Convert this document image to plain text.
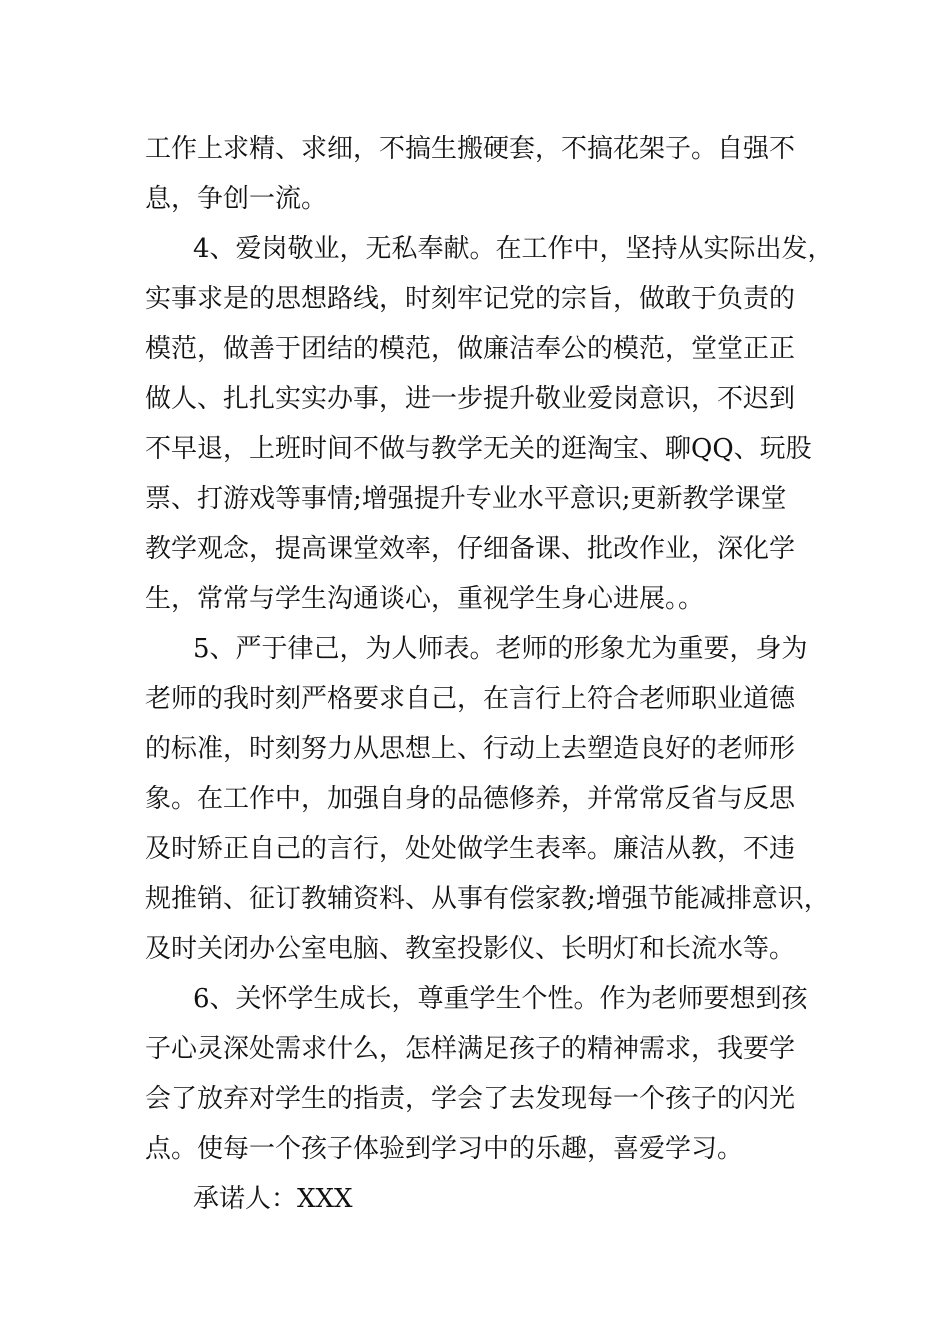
工作上求精、求细，不搞生搬硬套，不搞花架子。自强不
息，争创一流。
4、爱岗敬业，无私奉献。在工作中，坚持从实际出发，
实事求是的思想路线，时刻牢记党的宗旨，做敢于负责的
模范，做善于团结的模范，做廉洁奉公的模范，堂堂正正
做人、扎扎实实办事，进一步提升敬业爱岗意识，不迟到
不早退，上班时间不做与教学无关的逛淘宝、聊QQ、玩股
票、打游戏等事情;增强提升专业水平意识;更新教学课堂
教学观念，提高课堂效率，仔细备课、批改作业，深化学
生，常常与学生沟通谈心，重视学生身心进展。。
5、严于律己，为人师表。老师的形象尤为重要，身为
老师的我时刻严格要求自己，在言行上符合老师职业道德
的标准，时刻努力从思想上、行动上去塑造良好的老师形
象。在工作中，加强自身的品德修养，并常常反省与反思
及时矫正自己的言行，处处做学生表率。廉洁从教，不违
规推销、征订教辅资料、从事有偿家教;增强节能减排意识，
及时关闭办公室电脑、教室投影仪、长明灯和长流水等。
6、关怀学生成长，尊重学生个性。作为老师要想到孩
子心灵深处需求什么，怎样满足孩子的精神需求，我要学
会了放弃对学生的指责，学会了去发现每一个孩子的闪光
点。使每一个孩子体验到学习中的乐趣，喜爱学习。
承诺人：XXX
